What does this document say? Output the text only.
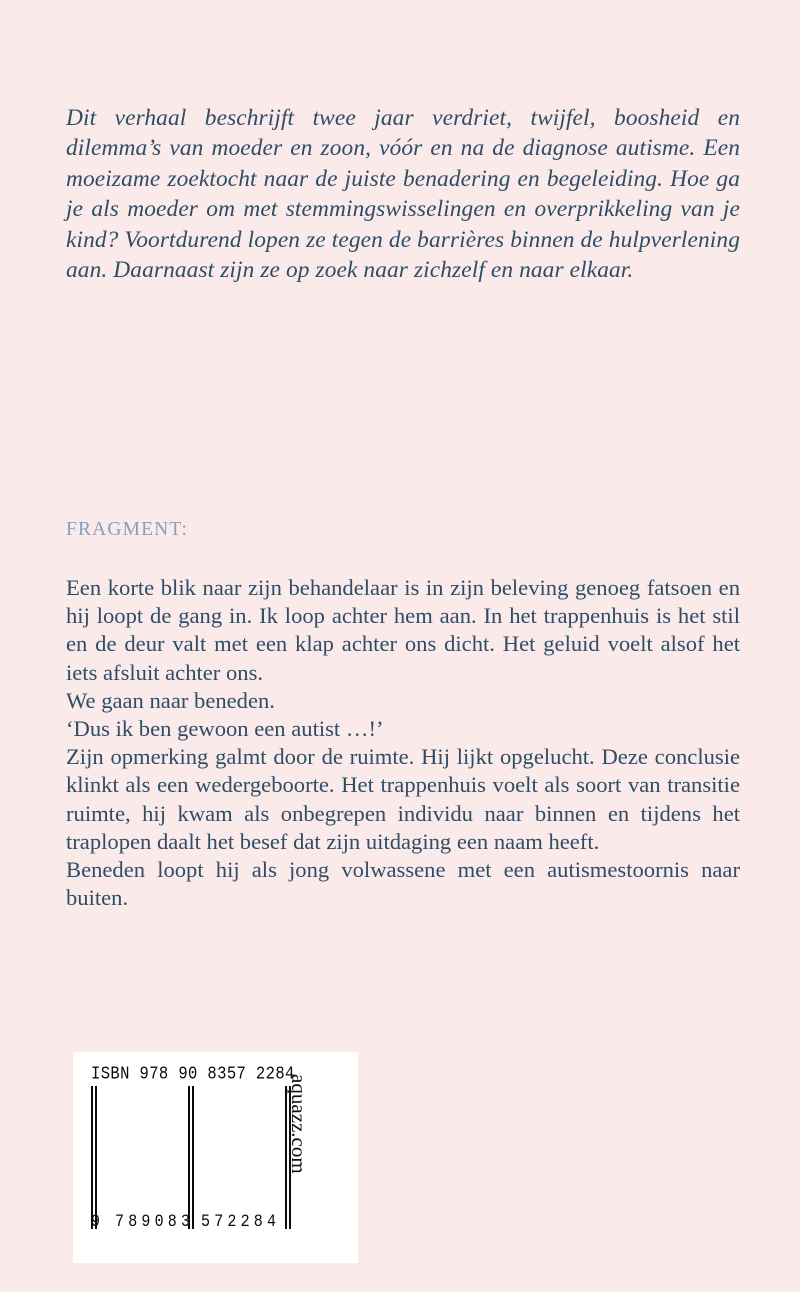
Dit verhaal beschrijft twee jaar verdriet, twijfel, boosheid en dilemma’s van moeder en zoon, vóór en na de diagnose autisme. Een moeizame zoektocht naar de juiste benadering en begeleiding. Hoe ga je als moeder om met stemmingswisselingen en overprikkeling van je kind? Voortdurend lopen ze tegen de barrières binnen de hulpverlening aan. Daarnaast zijn ze op zoek naar zichzelf en naar elkaar.

FRAGMENT:

Een korte blik naar zijn behandelaar is in zijn beleving genoeg fatsoen en hij loopt de gang in. Ik loop achter hem aan. In het trappenhuis is het stil en de deur valt met een klap achter ons dicht. Het geluid voelt alsof het iets afsluit achter ons.

We gaan naar beneden.

‘Dus ik ben gewoon een autist …!’

Zijn opmerking galmt door de ruimte. Hij lijkt opgelucht. Deze conclusie klinkt als een wedergeboorte. Het trappenhuis voelt als soort van transitie ruimte, hij kwam als onbegrepen individu naar binnen en tijdens het traplopen daalt het besef dat zijn uitdaging een naam heeft.

Beneden loopt hij als jong volwassene met een autismestoornis naar buiten.

ISBN 978 90 8357 2284
9 789083 572284
aquazz.com
